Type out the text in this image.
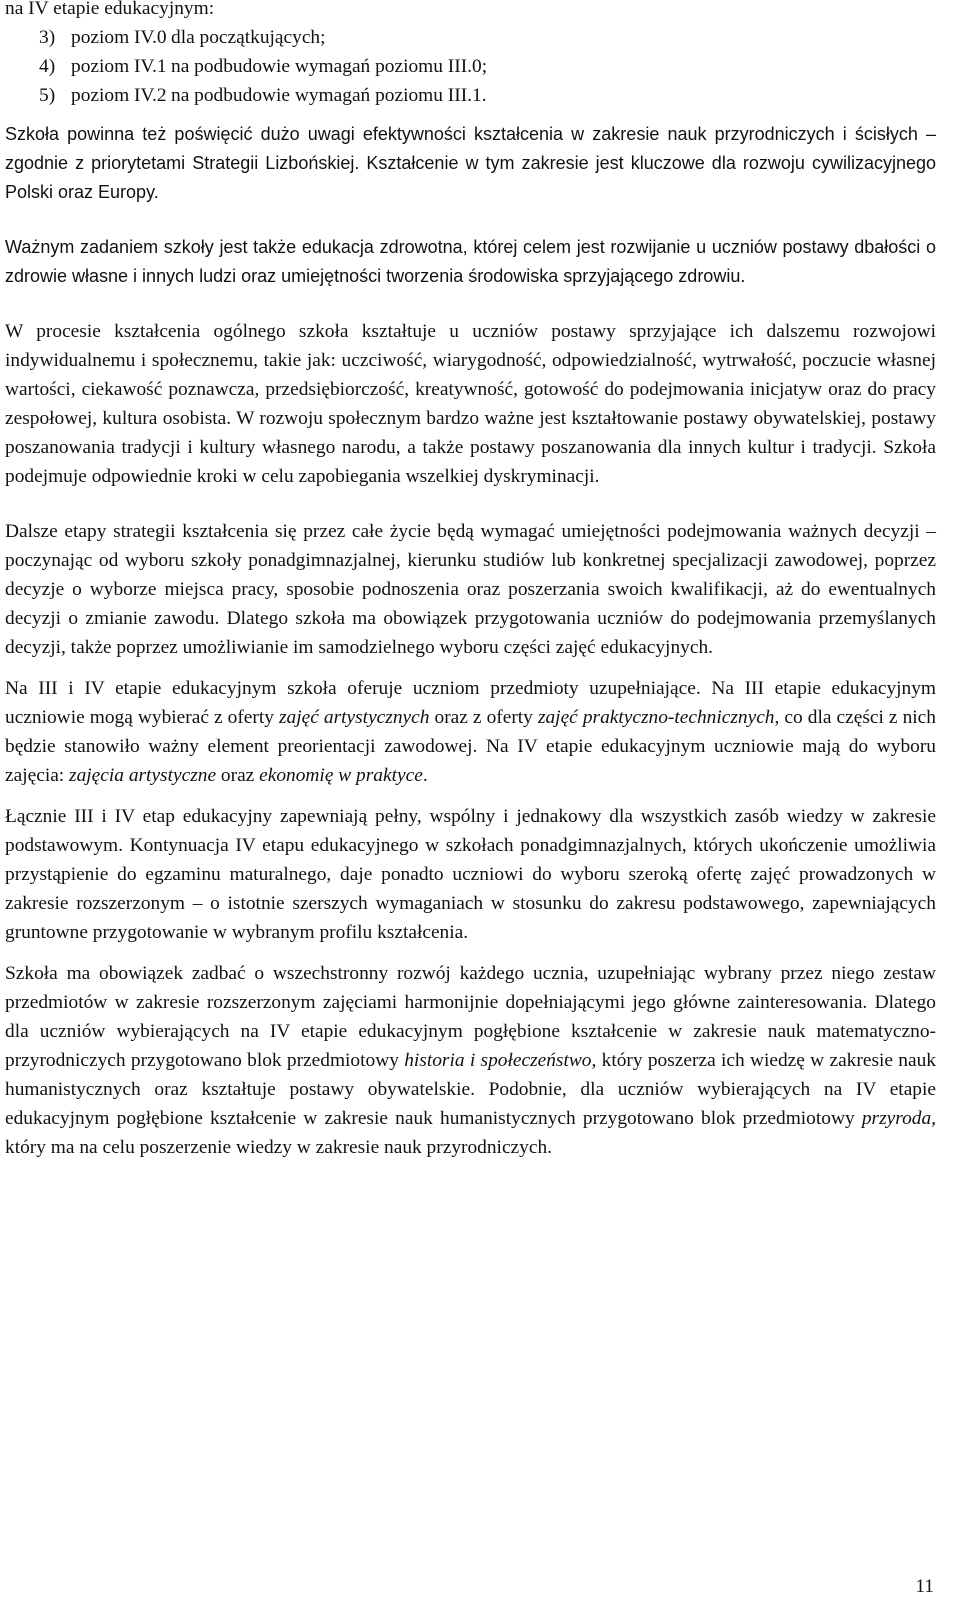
na IV etapie edukacyjnym:
3) poziom IV.0 dla początkujących;
4) poziom IV.1 na podbudowie wymagań poziomu III.0;
5) poziom IV.2 na podbudowie wymagań poziomu III.1.

Szkoła powinna też poświęcić dużo uwagi efektywności kształcenia w zakresie nauk przyrodniczych i ścisłych – zgodnie z priorytetami Strategii Lizbońskiej. Kształcenie w tym zakresie jest kluczowe dla rozwoju cywilizacyjnego Polski oraz Europy.

Ważnym zadaniem szkoły jest także edukacja zdrowotna, której celem jest rozwijanie u uczniów postawy dbałości o zdrowie własne i innych ludzi oraz umiejętności tworzenia środowiska sprzyjającego zdrowiu.

W procesie kształcenia ogólnego szkoła kształtuje u uczniów postawy sprzyjające ich dalszemu rozwojowi indywidualnemu i społecznemu, takie jak: uczciwość, wiarygodność, odpowiedzialność, wytrwałość, poczucie własnej wartości, ciekawość poznawcza, przedsiębiorczość, kreatywność, gotowość do podejmowania inicjatyw oraz do pracy zespołowej, kultura osobista. W rozwoju społecznym bardzo ważne jest kształtowanie postawy obywatelskiej, postawy poszanowania tradycji i kultury własnego narodu, a także postawy poszanowania dla innych kultur i tradycji. Szkoła podejmuje odpowiednie kroki w celu zapobiegania wszelkiej dyskryminacji.

Dalsze etapy strategii kształcenia się przez całe życie będą wymagać umiejętności podejmowania ważnych decyzji – poczynając od wyboru szkoły ponadgimnazjalnej, kierunku studiów lub konkretnej specjalizacji zawodowej, poprzez decyzje o wyborze miejsca pracy, sposobie podnoszenia oraz poszerzania swoich kwalifikacji, aż do ewentualnych decyzji o zmianie zawodu. Dlatego szkoła ma obowiązek przygotowania uczniów do podejmowania przemyślanych decyzji, także poprzez umożliwianie im samodzielnego wyboru części zajęć edukacyjnych.

Na III i IV etapie edukacyjnym szkoła oferuje uczniom przedmioty uzupełniające. Na III etapie edukacyjnym uczniowie mogą wybierać z oferty zajęć artystycznych oraz z oferty zajęć praktyczno-technicznych, co dla części z nich będzie stanowiło ważny element preorientacji zawodowej. Na IV etapie edukacyjnym uczniowie mają do wyboru zajęcia: zajęcia artystyczne oraz ekonomię w praktyce.

Łącznie III i IV etap edukacyjny zapewniają pełny, wspólny i jednakowy dla wszystkich zasób wiedzy w zakresie podstawowym. Kontynuacja IV etapu edukacyjnego w szkołach ponadgimnazjalnych, których ukończenie umożliwia przystąpienie do egzaminu maturalnego, daje ponadto uczniowi do wyboru szeroką ofertę zajęć prowadzonych w zakresie rozszerzonym – o istotnie szerszych wymaganiach w stosunku do zakresu podstawowego, zapewniających gruntowne przygotowanie w wybranym profilu kształcenia.

Szkoła ma obowiązek zadbać o wszechstronny rozwój każdego ucznia, uzupełniając wybrany przez niego zestaw przedmiotów w zakresie rozszerzonym zajęciami harmonijnie dopełniającymi jego główne zainteresowania. Dlatego dla uczniów wybierających na IV etapie edukacyjnym pogłębione kształcenie w zakresie nauk matematyczno-przyrodniczych przygotowano blok przedmiotowy historia i społeczeństwo, który poszerza ich wiedzę w zakresie nauk humanistycznych oraz kształtuje postawy obywatelskie. Podobnie, dla uczniów wybierających na IV etapie edukacyjnym pogłębione kształcenie w zakresie nauk humanistycznych przygotowano blok przedmiotowy przyroda, który ma na celu poszerzenie wiedzy w zakresie nauk przyrodniczych.

11
